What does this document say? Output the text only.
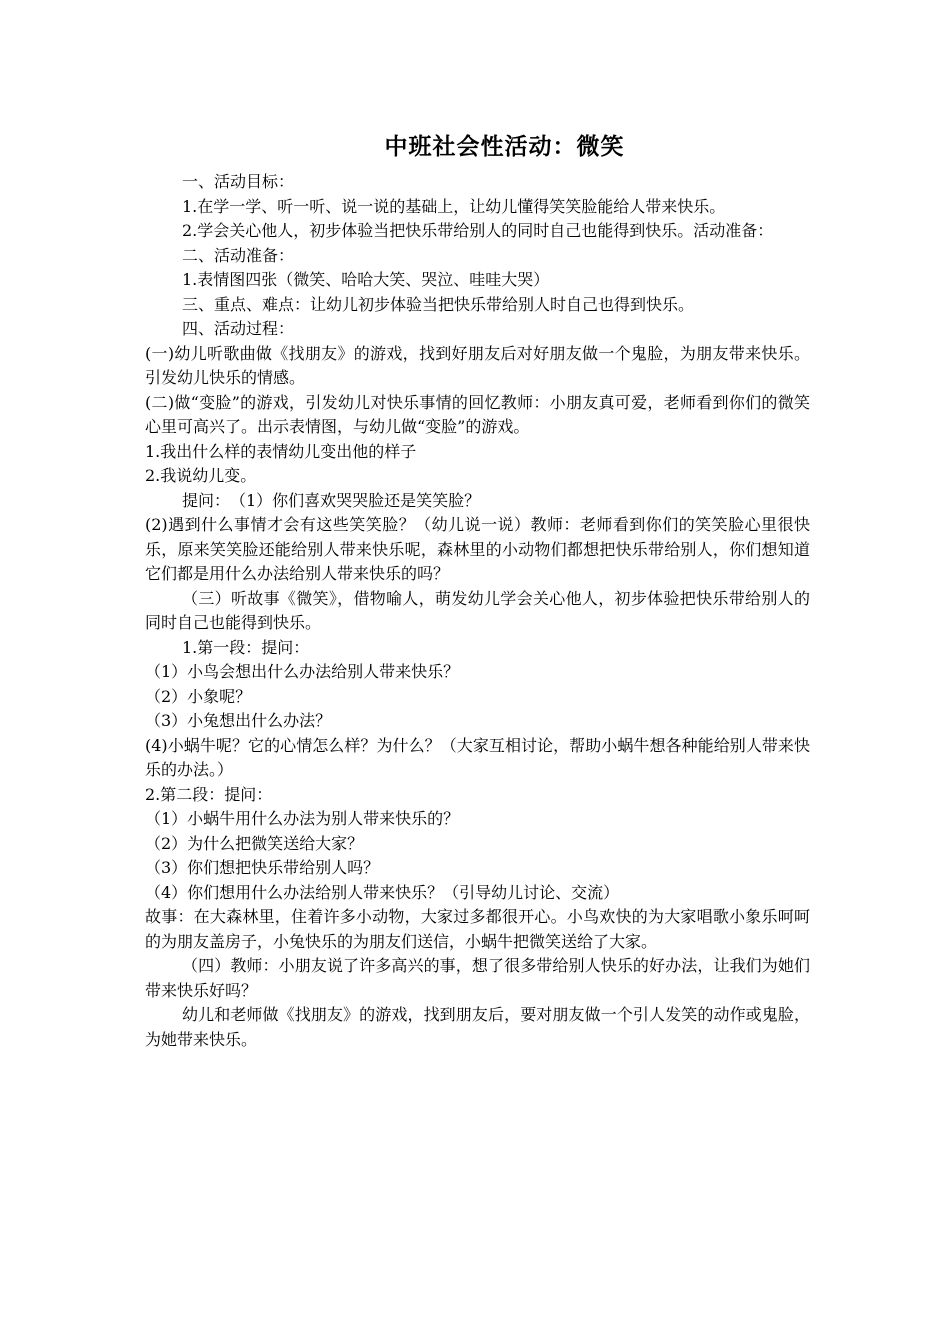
中班社会性活动：微笑

一、活动目标：

1.在学一学、听一听、说一说的基础上，让幼儿懂得笑笑脸能给人带来快乐。

2.学会关心他人，初步体验当把快乐带给别人的同时自己也能得到快乐。活动准备：

二、活动准备：

1.表情图四张（微笑、哈哈大笑、哭泣、哇哇大哭）

三、重点、难点：让幼儿初步体验当把快乐带给别人时自己也得到快乐。

四、活动过程：

(一)幼儿听歌曲做《找朋友》的游戏，找到好朋友后对好朋友做一个鬼脸，为朋友带来快乐。引发幼儿快乐的情感。

(二)做“变脸”的游戏，引发幼儿对快乐事情的回忆教师：小朋友真可爱，老师看到你们的微笑心里可高兴了。出示表情图，与幼儿做“变脸”的游戏。

1.我出什么样的表情幼儿变出他的样子

2.我说幼儿变。

提问：　（1）你们喜欢哭哭脸还是笑笑脸？

(2)遇到什么事情才会有这些笑笑脸？（幼儿说一说）教师：老师看到你们的笑笑脸心里很快乐，原来笑笑脸还能给别人带来快乐呢，森林里的小动物们都想把快乐带给别人，你们想知道它们都是用什么办法给别人带来快乐的吗？

（三）听故事《微笑》，借物喻人，萌发幼儿学会关心他人，初步体验把快乐带给别人的同时自己也能得到快乐。

1.第一段：提问：

（1）小鸟会想出什么办法给别人带来快乐？

（2）小象呢？

（3）小兔想出什么办法？

(4)小蜗牛呢？它的心情怎么样？为什么？（大家互相讨论，帮助小蜗牛想各种能给别人带来快乐的办法。）

2.第二段：提问：

（1）小蜗牛用什么办法为别人带来快乐的？

（2）为什么把微笑送给大家？

（3）你们想把快乐带给别人吗？

（4）你们想用什么办法给别人带来快乐？（引导幼儿讨论、交流）

故事：在大森林里，住着许多小动物，大家过多都很开心。小鸟欢快的为大家唱歌小象乐呵呵的为朋友盖房子，小兔快乐的为朋友们送信，小蜗牛把微笑送给了大家。

（四）教师：小朋友说了许多高兴的事，想了很多带给别人快乐的好办法，让我们为她们带来快乐好吗？

幼儿和老师做《找朋友》的游戏，找到朋友后，要对朋友做一个引人发笑的动作或鬼脸，为她带来快乐。
